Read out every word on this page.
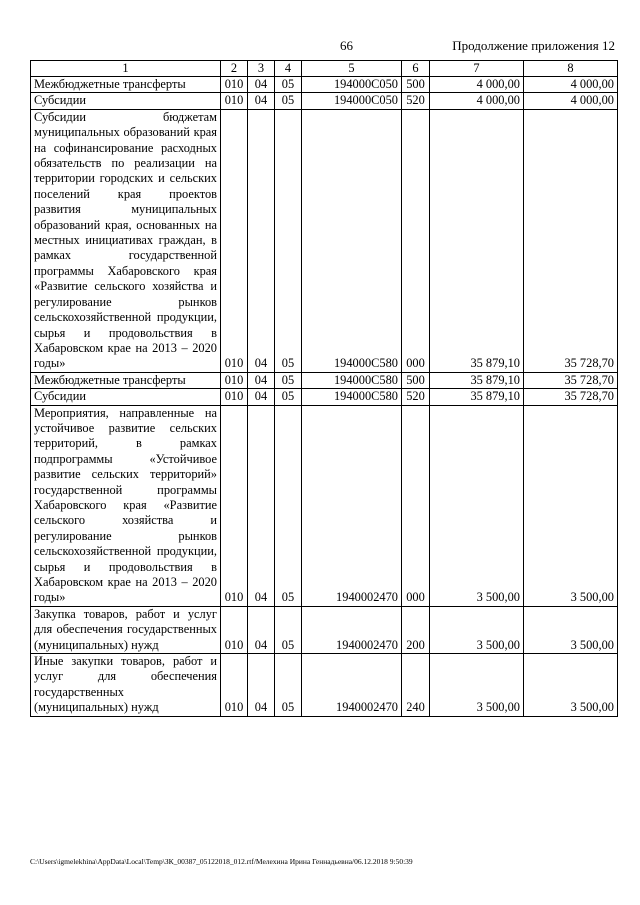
66	Продолжение приложения 12
1	2	3	4	5	6	7	8
Межбюджетные трансферты	010	04	05	194000С050	500	4 000,00	4 000,00
Субсидии	010	04	05	194000С050	520	4 000,00	4 000,00
Субсидии бюджетам муниципальных образований края на софинансирование расходных обязательств по реализации на территории городских и сельских поселений края проектов развития муниципальных образований края, основанных на местных инициативах граждан, в рамках государственной программы Хабаровского края «Развитие сельского хозяйства и регулирование рынков сельскохозяйственной продукции, сырья и продовольствия в Хабаровском крае на 2013 – 2020 годы»	010	04	05	194000С580	000	35 879,10	35 728,70
Межбюджетные трансферты	010	04	05	194000С580	500	35 879,10	35 728,70
Субсидии	010	04	05	194000С580	520	35 879,10	35 728,70
Мероприятия, направленные на устойчивое развитие сельских территорий, в рамках подпрограммы «Устойчивое развитие сельских территорий» государственной программы Хабаровского края «Развитие сельского хозяйства и регулирование рынков сельскохозяйственной продукции, сырья и продовольствия в Хабаровском крае на 2013 – 2020 годы»	010	04	05	1940002470	000	3 500,00	3 500,00
Закупка товаров, работ и услуг для обеспечения государственных (муниципальных) нужд	010	04	05	1940002470	200	3 500,00	3 500,00
Иные закупки товаров, работ и услуг для обеспечения государственных (муниципальных) нужд	010	04	05	1940002470	240	3 500,00	3 500,00
C:\Users\igmelekhina\AppData\Local\Temp\ЗК_00387_05122018_012.rtf/Мелехина Ирина Геннадьевна/06.12.2018 9:50:39
